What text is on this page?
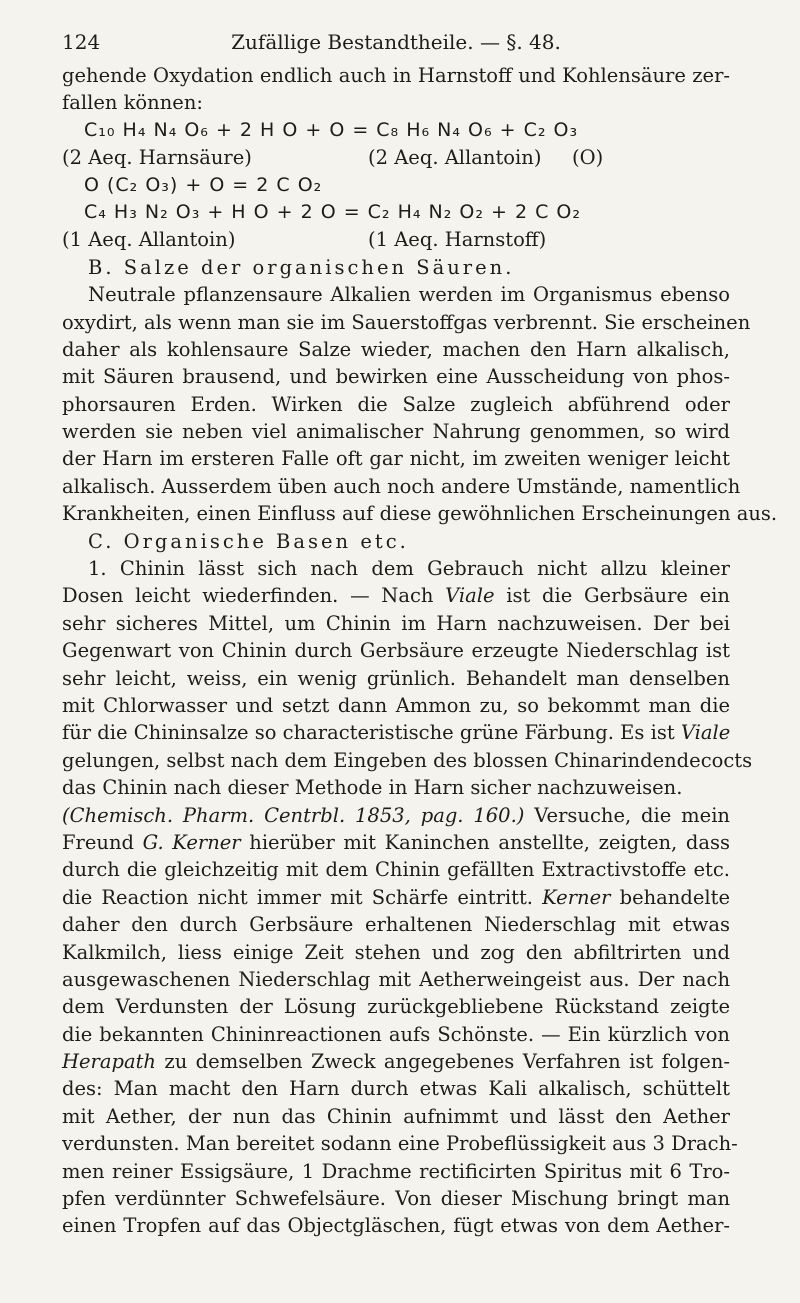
124	Zufällige Bestandtheile. — §. 48.
gehende Oxydation endlich auch in Harnstoff und Kohlensäure zer-
fallen können:
C₁₀ H₄ N₄ O₆ + 2 H O + O = C₈ H₆ N₄ O₆ + C₂ O₃
(2 Aeq. Harnsäure)	(2 Aeq. Allantoin) (O)
O (C₂ O₃) + O = 2 C O₂
C₄ H₃ N₂ O₃ + H O + 2 O = C₂ H₄ N₂ O₂ + 2 C O₂
(1 Aeq. Allantoin)	(1 Aeq. Harnstoff)
B. Salze der organischen Säuren.
Neutrale pflanzensaure Alkalien werden im Organismus ebenso
oxydirt, als wenn man sie im Sauerstoffgas verbrennt. Sie erscheinen
daher als kohlensaure Salze wieder, machen den Harn alkalisch,
mit Säuren brausend, und bewirken eine Ausscheidung von phos-
phorsauren Erden. Wirken die Salze zugleich abführend oder
werden sie neben viel animalischer Nahrung genommen, so wird
der Harn im ersteren Falle oft gar nicht, im zweiten weniger leicht
alkalisch. Ausserdem üben auch noch andere Umstände, namentlich
Krankheiten, einen Einfluss auf diese gewöhnlichen Erscheinungen aus.
C. Organische Basen etc.
1. Chinin lässt sich nach dem Gebrauch nicht allzu kleiner
Dosen leicht wiederfinden. — Nach Viale ist die Gerbsäure ein
sehr sicheres Mittel, um Chinin im Harn nachzuweisen. Der bei
Gegenwart von Chinin durch Gerbsäure erzeugte Niederschlag ist
sehr leicht, weiss, ein wenig grünlich. Behandelt man denselben
mit Chlorwasser und setzt dann Ammon zu, so bekommt man die
für die Chininsalze so characteristische grüne Färbung. Es ist Viale
gelungen, selbst nach dem Eingeben des blossen Chinarindendecocts
das Chinin nach dieser Methode in Harn sicher nachzuweisen.
(Chemisch. Pharm. Centrbl. 1853, pag. 160.) Versuche, die mein
Freund G. Kerner hierüber mit Kaninchen anstellte, zeigten, dass
durch die gleichzeitig mit dem Chinin gefällten Extractivstoffe etc.
die Reaction nicht immer mit Schärfe eintritt. Kerner behandelte
daher den durch Gerbsäure erhaltenen Niederschlag mit etwas
Kalkmilch, liess einige Zeit stehen und zog den abfiltrirten und
ausgewaschenen Niederschlag mit Aetherweingeist aus. Der nach
dem Verdunsten der Lösung zurückgebliebene Rückstand zeigte
die bekannten Chininreactionen aufs Schönste. — Ein kürzlich von
Herapath zu demselben Zweck angegebenes Verfahren ist folgen-
des: Man macht den Harn durch etwas Kali alkalisch, schüttelt
mit Aether, der nun das Chinin aufnimmt und lässt den Aether
verdunsten. Man bereitet sodann eine Probeflüssigkeit aus 3 Drach-
men reiner Essigsäure, 1 Drachme rectificirten Spiritus mit 6 Tro-
pfen verdünnter Schwefelsäure. Von dieser Mischung bringt man
einen Tropfen auf das Objectgläschen, fügt etwas von dem Aether-
